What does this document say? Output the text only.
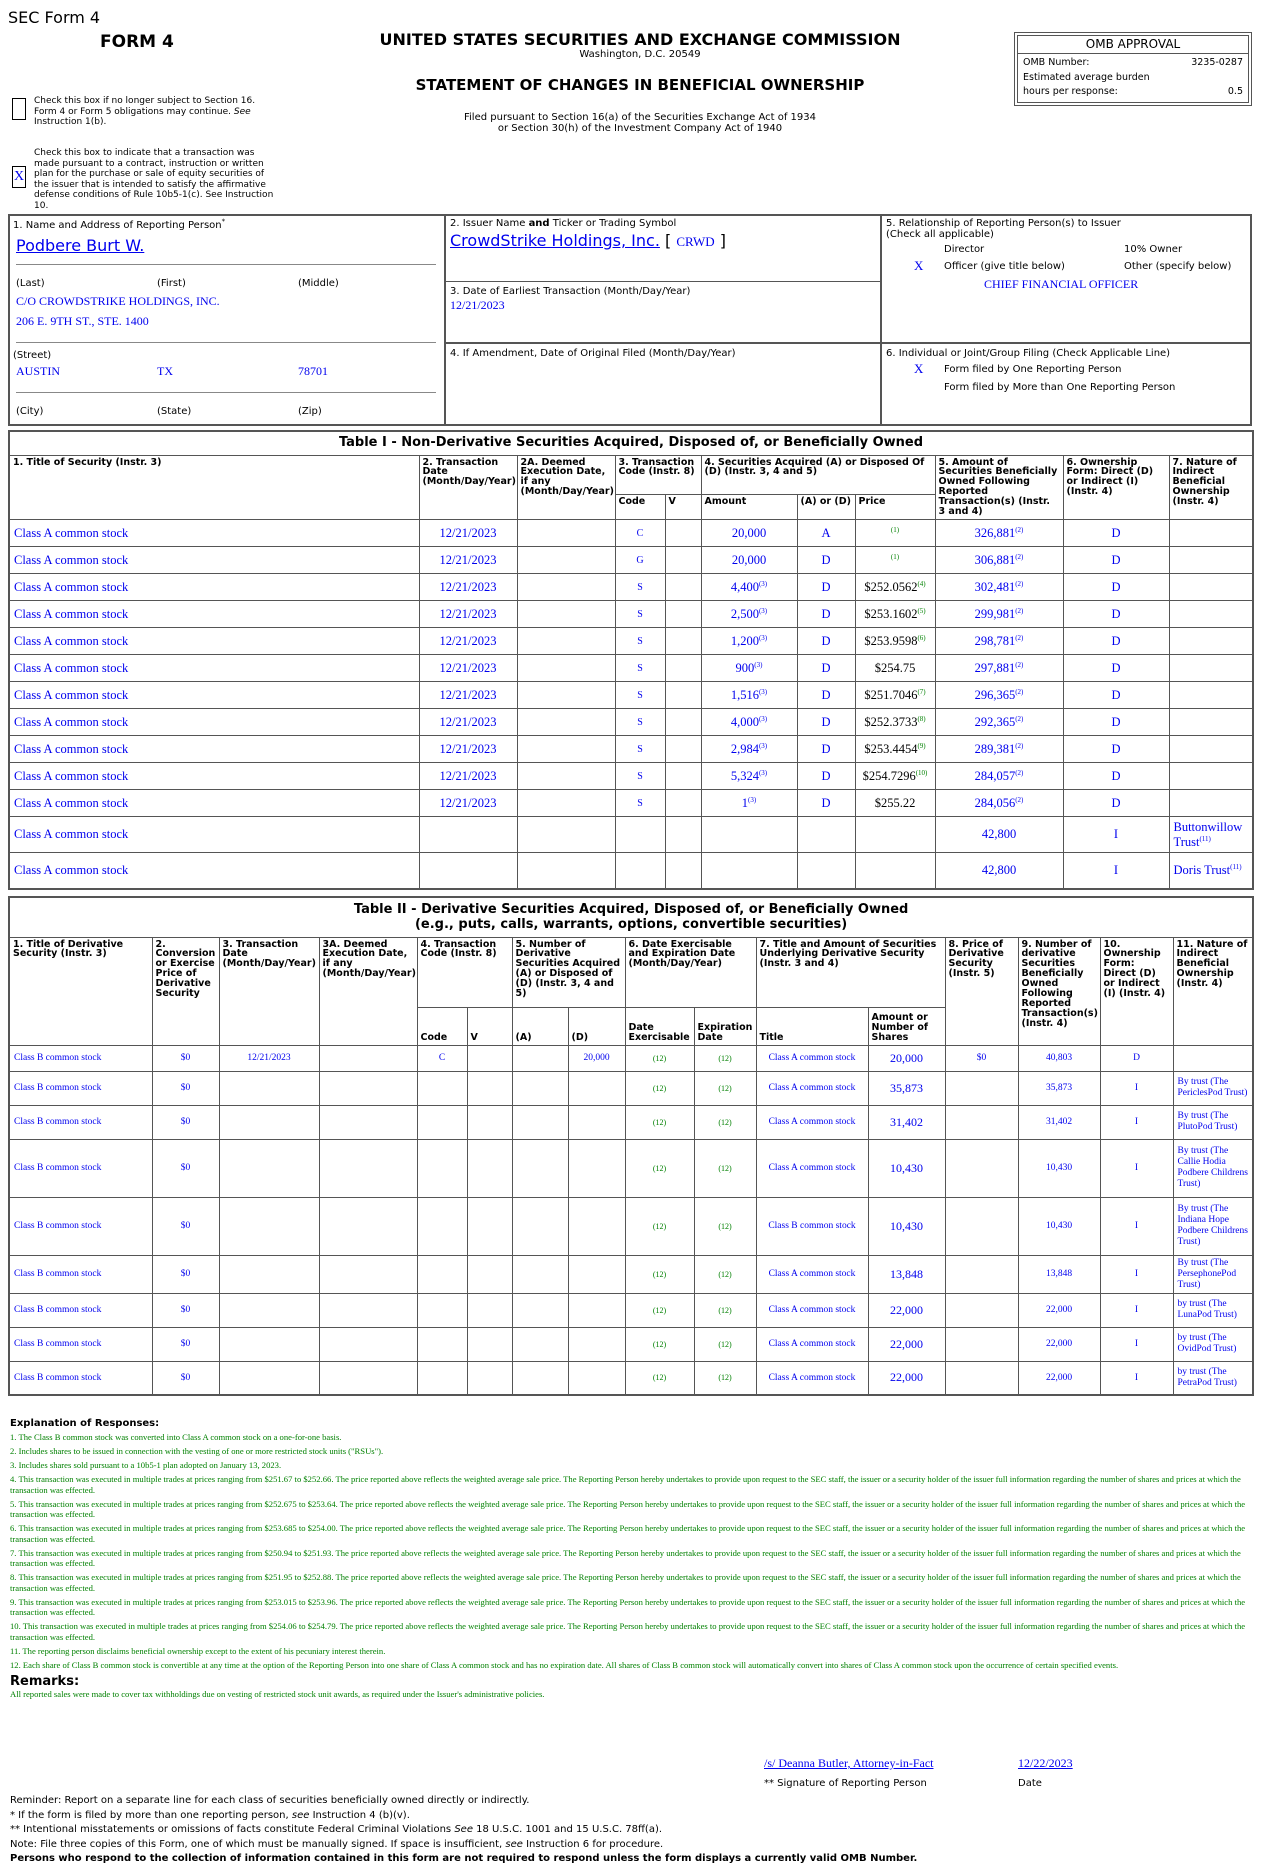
SEC Form 4
FORM 4	UNITED STATES SECURITIES AND EXCHANGE COMMISSION
Washington, D.C. 20549
STATEMENT OF CHANGES IN BENEFICIAL OWNERSHIP
Filed pursuant to Section 16(a) of the Securities Exchange Act of 1934
or Section 30(h) of the Investment Company Act of 1940
OMB APPROVAL
OMB Number:	3235-0287
Estimated average burden
hours per response:	0.5
Check this box if no longer subject to Section 16. Form 4 or Form 5 obligations may continue. See Instruction 1(b).
X
Check this box to indicate that a transaction was made pursuant to a contract, instruction or written plan for the purchase or sale of equity securities of the issuer that is intended to satisfy the affirmative defense conditions of Rule 10b5-1(c). See Instruction 10.
1. Name and Address of Reporting Person*
Podbere Burt W.
(Last)	(First)	(Middle)
C/O CROWDSTRIKE HOLDINGS, INC.
206 E. 9TH ST., STE. 1400
(Street)
AUSTIN	TX	78701
(City)	(State)	(Zip)
2. Issuer Name and Ticker or Trading Symbol
CrowdStrike Holdings, Inc. [ CRWD ]
3. Date of Earliest Transaction (Month/Day/Year)
12/21/2023
4. If Amendment, Date of Original Filed (Month/Day/Year)
5. Relationship of Reporting Person(s) to Issuer
(Check all applicable)
Director	10% Owner
X Officer (give title below)	Other (specify below)
CHIEF FINANCIAL OFFICER
6. Individual or Joint/Group Filing (Check Applicable Line)
X Form filed by One Reporting Person
Form filed by More than One Reporting Person
Table I - Non-Derivative Securities Acquired, Disposed of, or Beneficially Owned										
1. Title of Security (Instr. 3)	2. Transaction Date (Month/Day/Year)	2A. Deemed Execution Date, if any (Month/Day/Year)	3. Transaction Code (Instr. 8)		4. Securities Acquired (A) or Disposed Of (D) (Instr. 3, 4 and 5)			5. Amount of Securities Beneficially Owned Following Reported Transaction(s) (Instr. 3 and 4)	6. Ownership Form: Direct (D) or Indirect (I) (Instr. 4)	7. Nature of Indirect Beneficial Ownership (Instr. 4)
			Code	V	Amount	(A) or (D)	Price			
Class A common stock	12/21/2023		C		20,000	A	$^{(1)}$	326,881$^{(2)}$	D	
Class A common stock	12/21/2023		G		20,000	D	$^{(1)}$	306,881$^{(2)}$	D	
Class A common stock	12/21/2023		S		4,400$^{(3)}$	D	$252.0562$^{(4)}$	302,481$^{(2)}$	D	
Class A common stock	12/21/2023		S		2,500$^{(3)}$	D	$253.1602$^{(5)}$	299,981$^{(2)}$	D	
Class A common stock	12/21/2023		S		1,200$^{(3)}$	D	$253.9598$^{(6)}$	298,781$^{(2)}$	D	
Class A common stock	12/21/2023		S		900$^{(3)}$	D	$254.75	297,881$^{(2)}$	D	
Class A common stock	12/21/2023		S		1,516$^{(3)}$	D	$251.7046$^{(7)}$	296,365$^{(2)}$	D	
Class A common stock	12/21/2023		S		4,000$^{(3)}$	D	$252.3733$^{(8)}$	292,365$^{(2)}$	D	
Class A common stock	12/21/2023		S		2,984$^{(3)}$	D	$253.4454$^{(9)}$	289,381$^{(2)}$	D	
Class A common stock	12/21/2023		S		5,324$^{(3)}$	D	$254.7296$^{(10)}$	284,057$^{(2)}$	D	
Class A common stock	12/21/2023		S		1$^{(3)}$	D	$255.22	284,056$^{(2)}$	D	
Class A common stock								42,800	I	Buttonwillow Trust$^{(11)}$
Class A common stock								42,800	I	Doris Trust$^{(11)}$
Table II - Derivative Securities Acquired, Disposed of, or Beneficially Owned
(e.g., puts, calls, warrants, options, convertible securities)															

1. Title of Derivative Security (Instr. 3)	2. Conversion or Exercise Price of Derivative Security	3. Transaction Date (Month/Day/Year)	3A. Deemed Execution Date, if any (Month/Day/Year)	4. Transaction Code (Instr. 8)		5. Number of Derivative Securities Acquired (A) or Disposed of (D) (Instr. 3, 4 and 5)		6. Date Exercisable and Expiration Date (Month/Day/Year)		7. Title and Amount of Securities Underlying Derivative Security (Instr. 3 and 4)		8. Price of Derivative Security (Instr. 5)	9. Number of derivative Securities Beneficially Owned Following Reported Transaction(s) (Instr. 4)	10. Ownership Form: Direct (D) or Indirect (I) (Instr. 4)	11. Nature of Indirect Beneficial Ownership (Instr. 4)
				Code	V	(A)	(D)	Date Exercisable	Expiration Date	Title	Amount or Number of Shares				
Class B common stock	$0	12/21/2023		C			20,000	(12)	(12)	Class A common stock	20,000	$0	40,803	D	
Class B common stock	$0							(12)	(12)	Class A common stock	35,873		35,873	I	By trust (The PericlesPod Trust)
Class B common stock	$0							(12)	(12)	Class A common stock	31,402		31,402	I	By trust (The PlutoPod Trust)
Class B common stock	$0							(12)	(12)	Class A common stock	10,430		10,430	I	By trust (The Callie Hodia Podbere Childrens Trust)
Class B common stock	$0							(12)	(12)	Class B common stock	10,430		10,430	I	By trust (The Indiana Hope Podbere Childrens Trust)
Class B common stock	$0							(12)	(12)	Class A common stock	13,848		13,848	I	By trust (The PersephonePod Trust)
Class B common stock	$0							(12)	(12)	Class A common stock	22,000		22,000	I	by trust (The LunaPod Trust)
Class B common stock	$0							(12)	(12)	Class A common stock	22,000		22,000	I	by trust (The OvidPod Trust)
Class B common stock	$0							(12)	(12)	Class A common stock	22,000		22,000	I	by trust (The PetraPod Trust)
Explanation of Responses:
1. The Class B common stock was converted into Class A common stock on a one-for-one basis.
2. Includes shares to be issued in connection with the vesting of one or more restricted stock units ("RSUs").
3. Includes shares sold pursuant to a 10b5-1 plan adopted on January 13, 2023.
4. This transaction was executed in multiple trades at prices ranging from $251.67 to $252.66. The price reported above reflects the weighted average sale price. The Reporting Person hereby undertakes to provide upon request to the SEC staff, the issuer or a security holder of the issuer full information regarding the number of shares and prices at which the transaction was effected.
5. This transaction was executed in multiple trades at prices ranging from $252.675 to $253.64. The price reported above reflects the weighted average sale price. The Reporting Person hereby undertakes to provide upon request to the SEC staff, the issuer or a security holder of the issuer full information regarding the number of shares and prices at which the transaction was effected.
6. This transaction was executed in multiple trades at prices ranging from $253.685 to $254.00. The price reported above reflects the weighted average sale price. The Reporting Person hereby undertakes to provide upon request to the SEC staff, the issuer or a security holder of the issuer full information regarding the number of shares and prices at which the transaction was effected.
7. This transaction was executed in multiple trades at prices ranging from $250.94 to $251.93. The price reported above reflects the weighted average sale price. The Reporting Person hereby undertakes to provide upon request to the SEC staff, the issuer or a security holder of the issuer full information regarding the number of shares and prices at which the transaction was effected.
8. This transaction was executed in multiple trades at prices ranging from $251.95 to $252.88. The price reported above reflects the weighted average sale price. The Reporting Person hereby undertakes to provide upon request to the SEC staff, the issuer or a security holder of the issuer full information regarding the number of shares and prices at which the transaction was effected.
9. This transaction was executed in multiple trades at prices ranging from $253.015 to $253.96. The price reported above reflects the weighted average sale price. The Reporting Person hereby undertakes to provide upon request to the SEC staff, the issuer or a security holder of the issuer full information regarding the number of shares and prices at which the transaction was effected.
10. This transaction was executed in multiple trades at prices ranging from $254.06 to $254.79. The price reported above reflects the weighted average sale price. The Reporting Person hereby undertakes to provide upon request to the SEC staff, the issuer or a security holder of the issuer full information regarding the number of shares and prices at which the transaction was effected.
11. The reporting person disclaims beneficial ownership except to the extent of his pecuniary interest therein.
12. Each share of Class B common stock is convertible at any time at the option of the Reporting Person into one share of Class A common stock and has no expiration date. All shares of Class B common stock will automatically convert into shares of Class A common stock upon the occurrence of certain specified events.
Remarks:
All reported sales were made to cover tax withholdings due on vesting of restricted stock unit awards, as required under the Issuer's administrative policies.
/s/ Deanna Butler, Attorney-in-Fact	12/22/2023
** Signature of Reporting Person	Date
Reminder: Report on a separate line for each class of securities beneficially owned directly or indirectly.
* If the form is filed by more than one reporting person, see Instruction 4 (b)(v).
** Intentional misstatements or omissions of facts constitute Federal Criminal Violations See 18 U.S.C. 1001 and 15 U.S.C. 78ff(a).
Note: File three copies of this Form, one of which must be manually signed. If space is insufficient, see Instruction 6 for procedure.
Persons who respond to the collection of information contained in this form are not required to respond unless the form displays a currently valid OMB Number.
